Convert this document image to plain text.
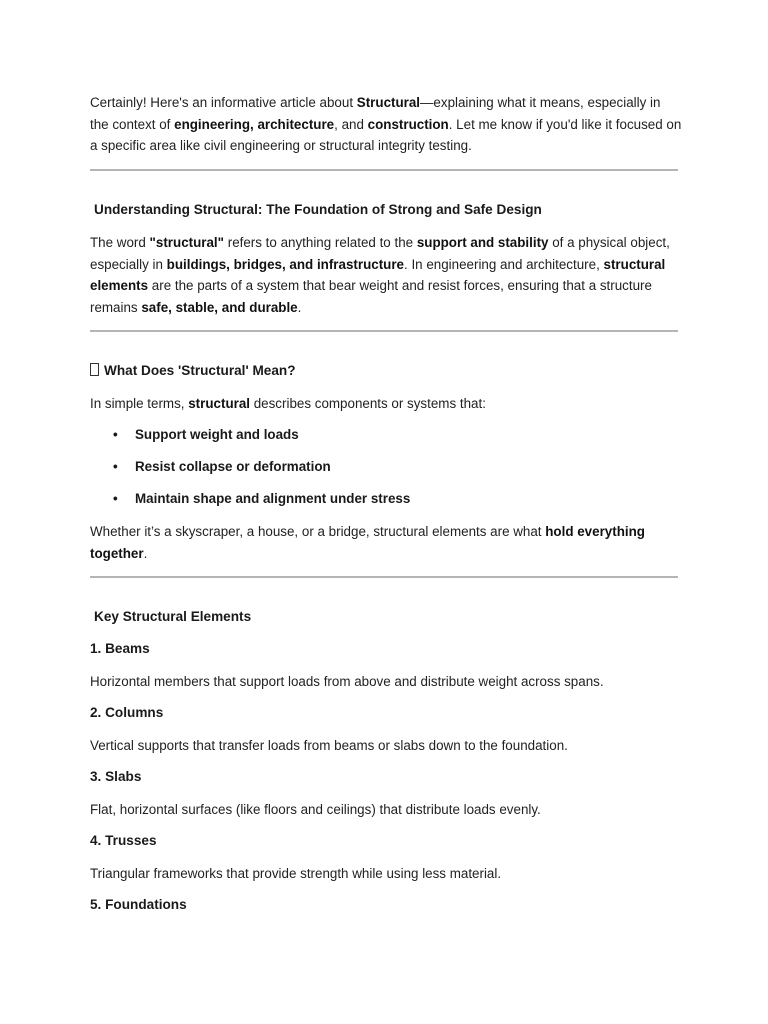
Certainly! Here's an informative article about Structural—explaining what it means, especially in the context of engineering, architecture, and construction. Let me know if you'd like it focused on a specific area like civil engineering or structural integrity testing.

Understanding Structural: The Foundation of Strong and Safe Design

The word "structural" refers to anything related to the support and stability of a physical object, especially in buildings, bridges, and infrastructure. In engineering and architecture, structural elements are the parts of a system that bear weight and resist forces, ensuring that a structure remains safe, stable, and durable.

What Does 'Structural' Mean?

In simple terms, structural describes components or systems that:

• Support weight and loads
• Resist collapse or deformation
• Maintain shape and alignment under stress

Whether it’s a skyscraper, a house, or a bridge, structural elements are what hold everything together.

Key Structural Elements
1. Beams

Horizontal members that support loads from above and distribute weight across spans.

2. Columns

Vertical supports that transfer loads from beams or slabs down to the foundation.

3. Slabs

Flat, horizontal surfaces (like floors and ceilings) that distribute loads evenly.

4. Trusses

Triangular frameworks that provide strength while using less material.

5. Foundations
